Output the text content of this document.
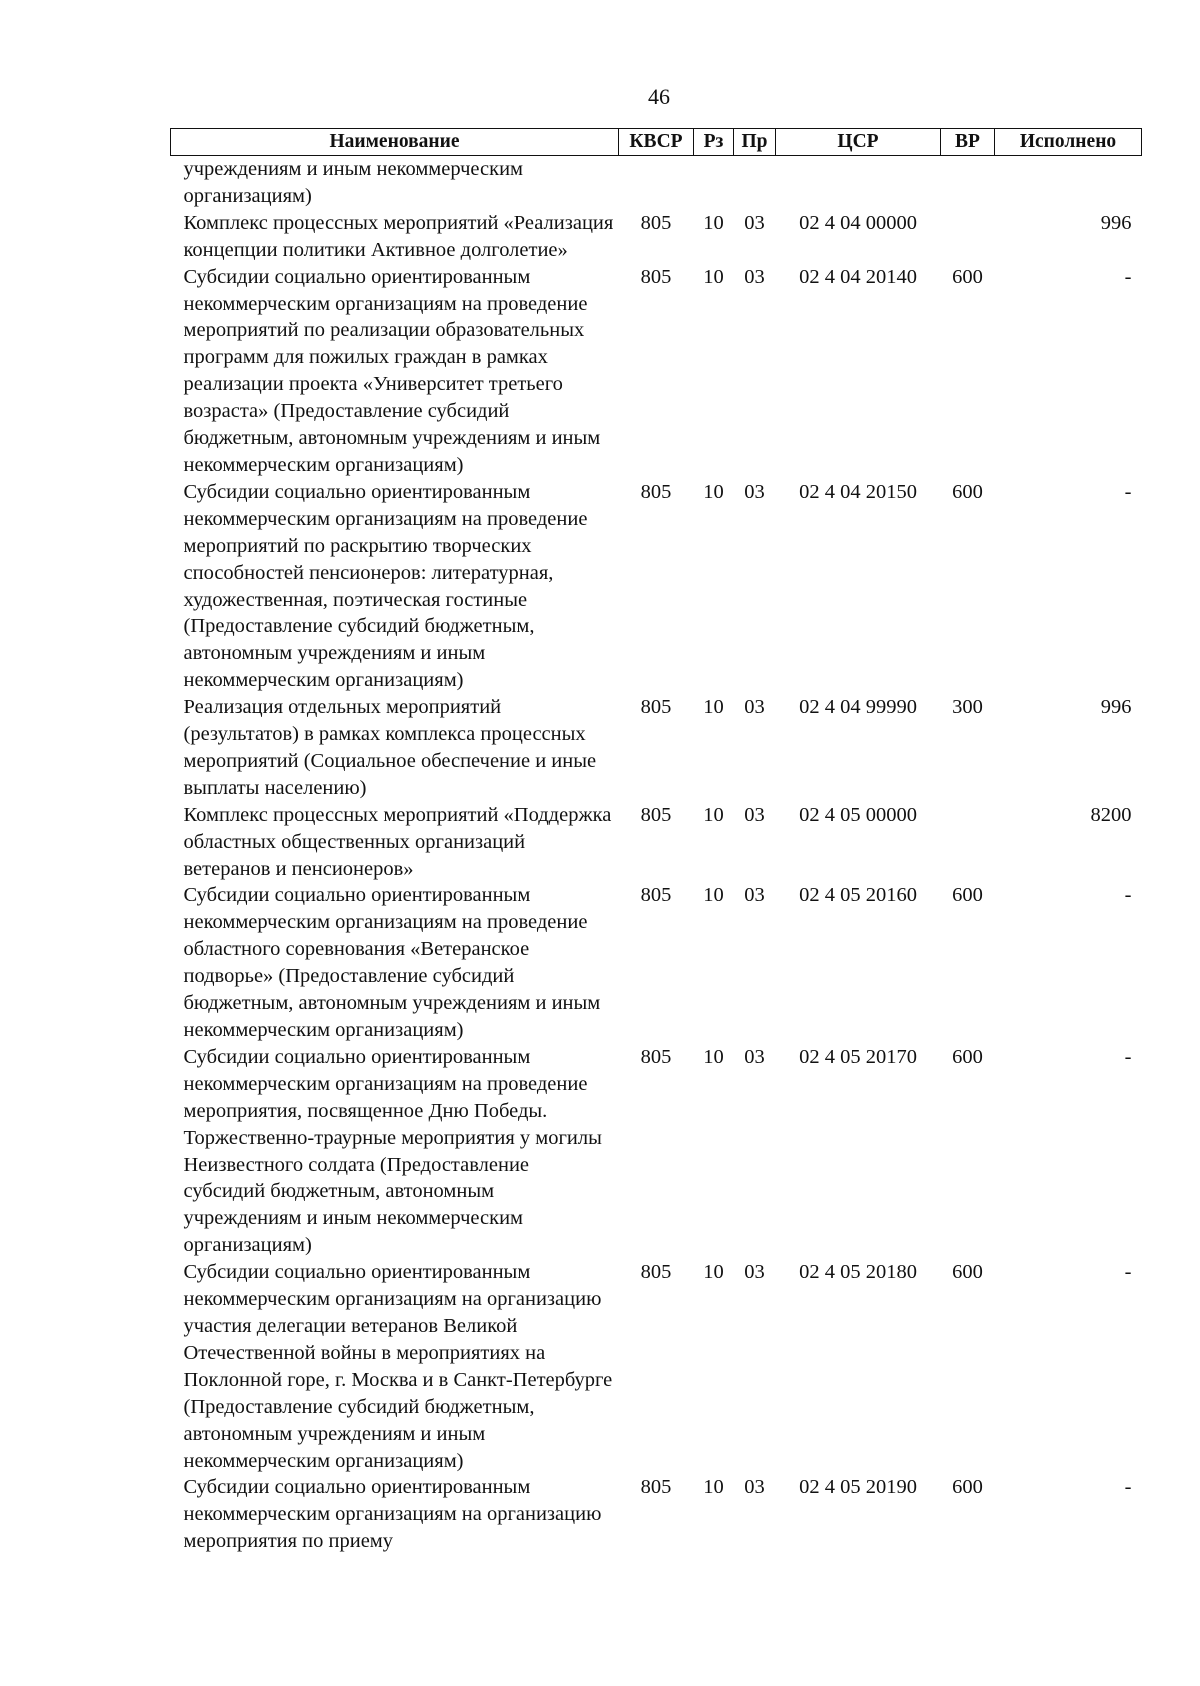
46
Наименование	КВСР	Рз	Пр	ЦСР	ВР	Исполнено
учреждениям и иным некоммерческим организациям)						
Комплекс процессных мероприятий «Реализация концепции политики Активное долголетие»	805	10	03	02 4 04 00000		996
Субсидии социально ориентированным некоммерческим организациям на проведение мероприятий по реализации образовательных программ для пожилых граждан в рамках реализации проекта «Университет третьего возраста» (Предоставление субсидий бюджетным, автономным учреждениям и иным некоммерческим организациям)	805	10	03	02 4 04 20140	600	-
Субсидии социально ориентированным некоммерческим организациям на проведение мероприятий по раскрытию творческих способностей пенсионеров: литературная, художественная, поэтическая гостиные (Предоставление субсидий бюджетным, автономным учреждениям и иным некоммерческим организациям)	805	10	03	02 4 04 20150	600	-
Реализация отдельных мероприятий (результатов) в рамках комплекса процессных мероприятий (Социальное обеспечение и иные выплаты населению)	805	10	03	02 4 04 99990	300	996
Комплекс процессных мероприятий «Поддержка областных общественных организаций ветеранов и пенсионеров»	805	10	03	02 4 05 00000		8200
Субсидии социально ориентированным некоммерческим организациям на проведение областного соревнования «Ветеранское подворье» (Предоставление субсидий бюджетным, автономным учреждениям и иным некоммерческим организациям)	805	10	03	02 4 05 20160	600	-
Субсидии социально ориентированным некоммерческим организациям на проведение мероприятия, посвященное Дню Победы. Торжественно-траурные мероприятия у могилы Неизвестного солдата (Предоставление субсидий бюджетным, автономным учреждениям и иным некоммерческим организациям)	805	10	03	02 4 05 20170	600	-
Субсидии социально ориентированным некоммерческим организациям на организацию участия делегации ветеранов Великой Отечественной войны в мероприятиях на Поклонной горе, г. Москва и в Санкт-Петербурге (Предоставление субсидий бюджетным, автономным учреждениям и иным некоммерческим организациям)	805	10	03	02 4 05 20180	600	-
Субсидии социально ориентированным некоммерческим организациям на организацию мероприятия по приему	805	10	03	02 4 05 20190	600	-
